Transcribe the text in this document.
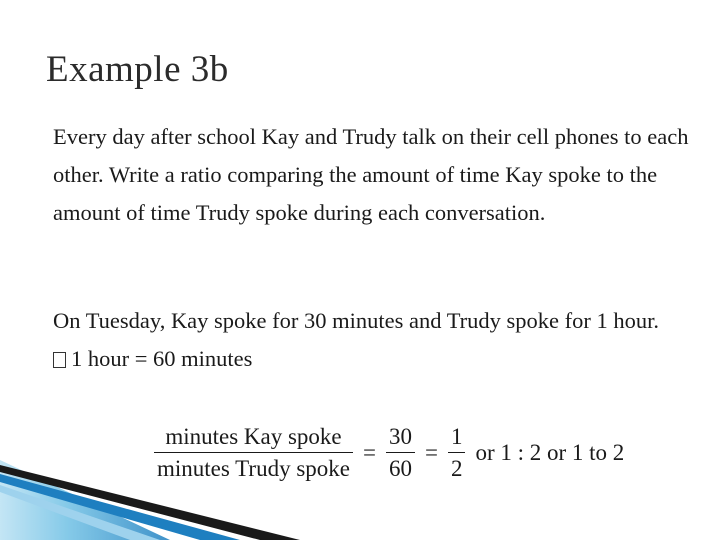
Example 3b

Every day after school Kay and Trudy talk on their cell phones to each other. Write a ratio comparing the amount of time Kay spoke to the amount of time Trudy spoke during each conversation.

On Tuesday, Kay spoke for 30 minutes and Trudy spoke for 1 hour.
1 hour = 60 minutes
$\frac{\text{minutes Kay spoke}}{\text{minutes Trudy spoke}} = \frac{30}{60} = \frac{1}{2}$ or 1 : 2 or 1 to 2
